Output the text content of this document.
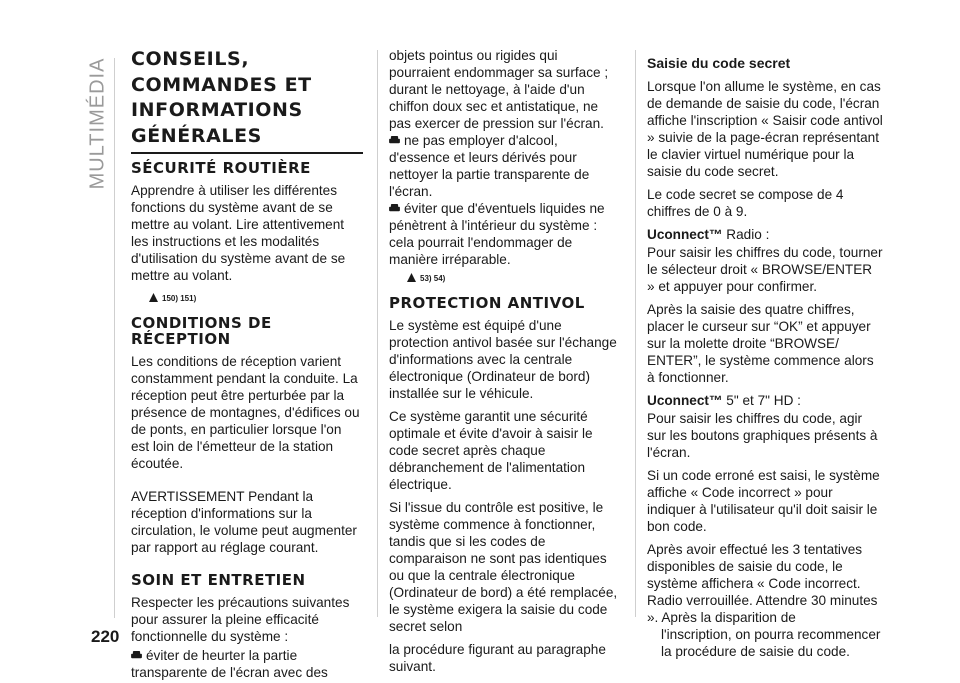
MULTIMÉDIA
220

CONSEILS,

COMMANDES ET

INFORMATIONS

GÉNÉRALES

SÉCURITÉ ROUTIÈRE

Apprendre à utiliser les différentes fonctions du système avant de se mettre au volant. Lire attentivement les instructions et les modalités d'utilisation du système avant de se mettre au volant.

150) 151)

CONDITIONS DE

RÉCEPTION

Les conditions de réception varient constamment pendant la conduite. La réception peut être perturbée par la présence de montagnes, d'édifices ou de ponts, en particulier lorsque l'on est loin de l'émetteur de la station écoutée.

AVERTISSEMENT Pendant la réception d'informations sur la circulation, le volume peut augmenter par rapport au réglage courant.

SOIN ET ENTRETIEN

Respecter les précautions suivantes pour assurer la pleine efficacité fonctionnelle du système :

éviter de heurter la partie
transparente de l'écran avec des

objets pointus ou rigides qui pourraient endommager sa surface ; durant le nettoyage, à l'aide d'un chiffon doux sec et antistatique, ne pas exercer de pression sur l'écran.

ne pas employer d'alcool, d'essence et leurs dérivés pour nettoyer la partie transparente de l'écran.

éviter que d'éventuels liquides ne pénètrent à l'intérieur du système : cela pourrait l'endommager de manière irréparable.

53) 54)

PROTECTION ANTIVOL

Le système est équipé d'une protection antivol basée sur l'échange d'informations avec la centrale électronique (Ordinateur de bord) installée sur le véhicule.

Ce système garantit une sécurité optimale et évite d'avoir à saisir le code secret après chaque débranchement de l'alimentation électrique.

Si l'issue du contrôle est positive, le système commence à fonctionner, tandis que si les codes de comparaison ne sont pas identiques ou que la centrale électronique (Ordinateur de bord) a été remplacée, le système exigera la saisie du code secret selon

la procédure figurant au paragraphe suivant.

Saisie du code secret

Lorsque l'on allume le système, en cas de demande de saisie du code, l'écran affiche l'inscription « Saisir code antivol » suivie de la page-écran représentant le clavier virtuel numérique pour la saisie du code secret.

Le code secret se compose de 4 chiffres de 0 à 9.

Uconnect™ Radio :

Pour saisir les chiffres du code, tourner le sélecteur droit « BROWSE/ENTER » et appuyer pour confirmer.

Après la saisie des quatre chiffres, placer le curseur sur “OK” et appuyer sur la molette droite “BROWSE/ ENTER”, le système commence alors à fonctionner.

Uconnect™ 5" et 7" HD :

Pour saisir les chiffres du code, agir sur les boutons graphiques présents à l'écran.

Si un code erroné est saisi, le système affiche « Code incorrect » pour indiquer à l'utilisateur qu'il doit saisir le bon code.

Après avoir effectué les 3 tentatives disponibles de saisie du code, le système affichera « Code incorrect. Radio verrouillée. Attendre 30 minutes ». Après la disparition de

l'inscription, on pourra recommencer la procédure de saisie du code.
